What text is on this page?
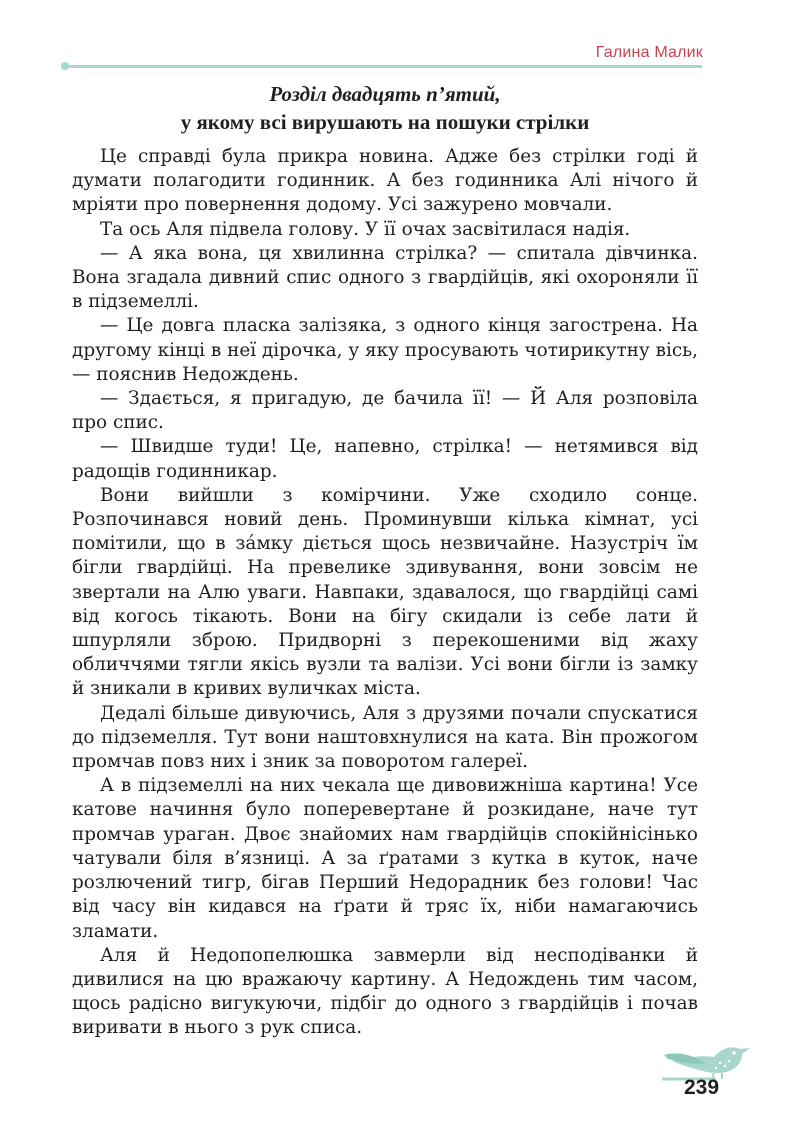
Галина Малик
Розділ двадцять п’ятий,
у якому всі вирушають на пошуки стрілки

Це справді була прикра новина. Адже без стрілки годі й думати полагодити годинник. А без годинника Алі нічого й мріяти про повернення додому. Усі зажурено мовчали.

Та ось Аля підвела голову. У її очах засвітилася надія.

— А яка вона, ця хвилинна стрілка? — спитала дівчинка. Вона згадала дивний спис одного з гвардійців, які охороняли її в підземеллі.

— Це довга пласка залізяка, з одного кінця загострена. На другому кінці в неї дірочка, у яку просувають чотирикутну вісь, — пояснив Недождень.

— Здається, я пригадую, де бачила її! — Й Аля розповіла про спис.

— Швидше туди! Це, напевно, стрілка! — нетямився від радощів годинникар.

Вони вийшли з комірчини. Уже сходило сонце. Розпочинався новий день. Проминувши кілька кімнат, усі помітили, що в за́мку діється щось незвичайне. Назустріч їм бігли гвардійці. На превелике здивування, вони зовсім не звертали на Алю уваги. Навпаки, здавалося, що гвардійці самі від когось тікають. Вони на бігу скидали із себе лати й шпурляли зброю. Придворні з перекошеними від жаху обличчями тягли якісь вузли та валізи. Усі вони бігли із замку й зникали в кривих вуличках міста.

Дедалі більше дивуючись, Аля з друзями почали спускатися до підземелля. Тут вони наштовхнулися на ката. Він прожогом промчав повз них і зник за поворотом галереї.

А в підземеллі на них чекала ще дивовижніша картина! Усе катове начиння було поперевертане й розкидане, наче тут промчав ураган. Двоє знайомих нам гвардійців спокійнісінько чатували біля в’язниці. А за ґратами з кутка в куток, наче розлючений тигр, бігав Перший Недорадник без голови! Час від часу він кидався на ґрати й тряс їх, ніби намагаючись зламати.

Аля й Недопопелюшка завмерли від несподіванки й дивилися на цю вражаючу картину. А Недождень тим часом, щось радісно вигукуючи, підбіг до одного з гвардійців і почав виривати в нього з рук списа.

239
